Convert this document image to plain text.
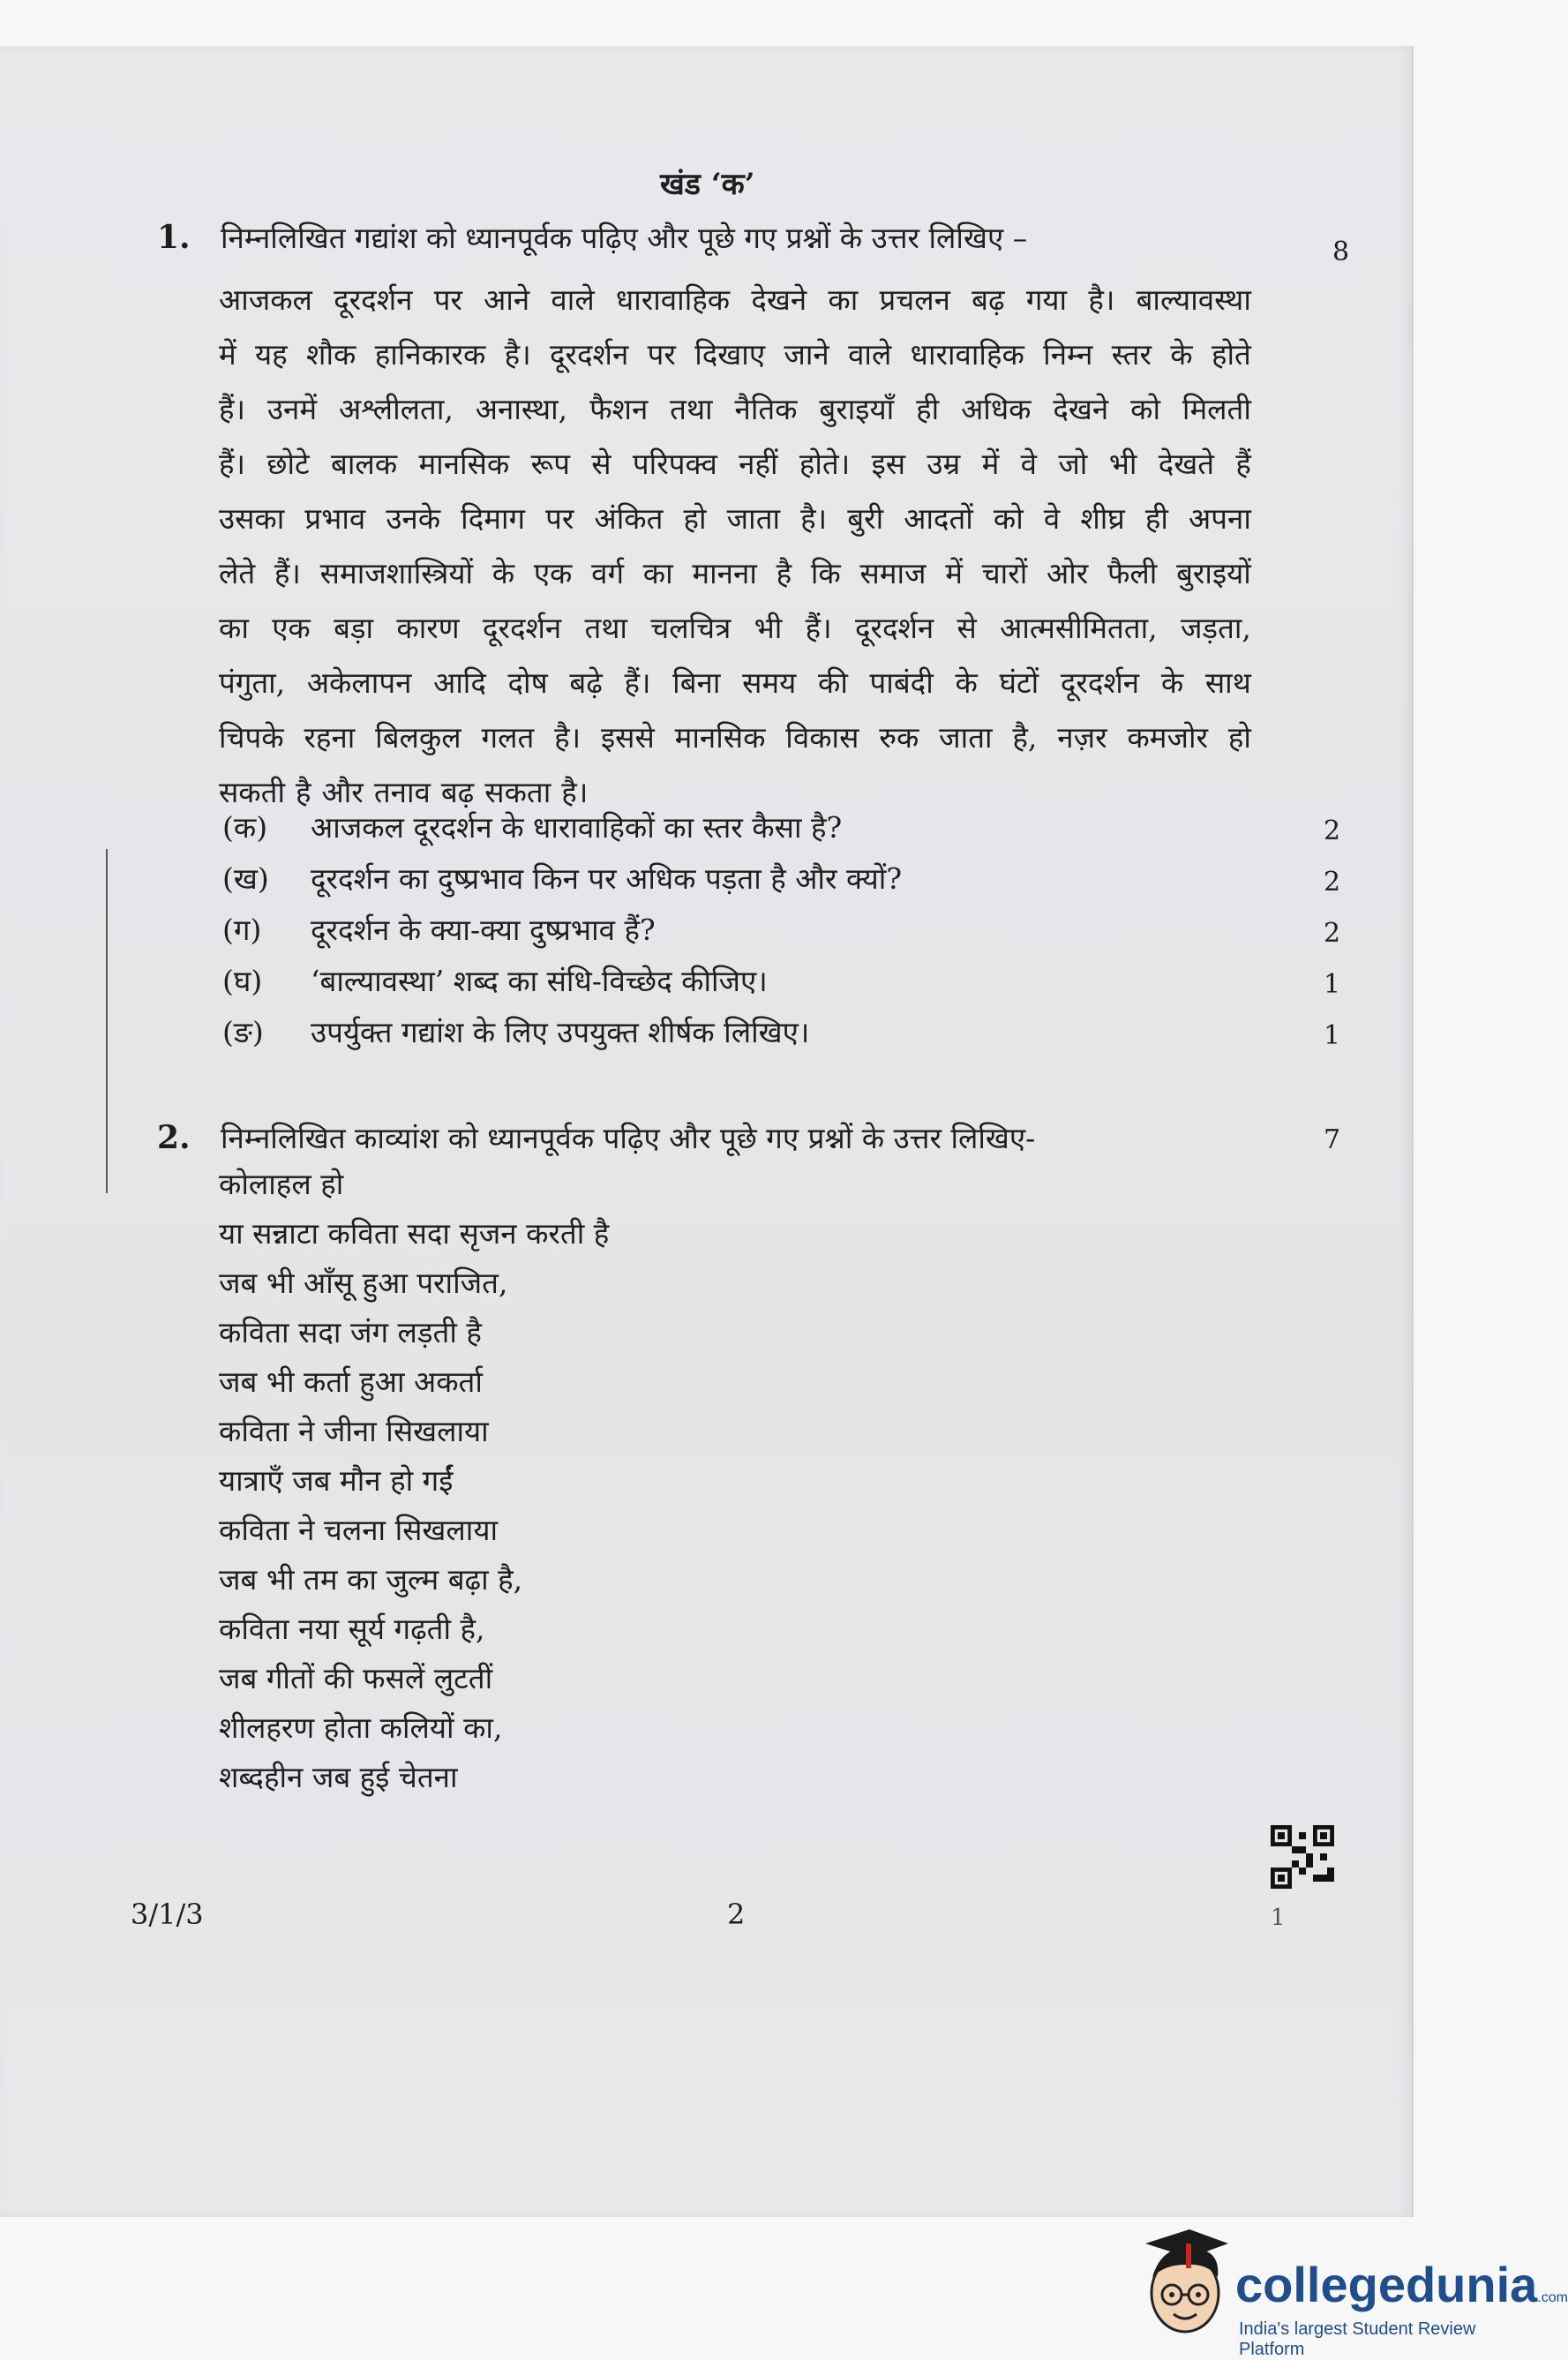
खंड ‘क’
1. निम्नलिखित गद्यांश को ध्यानपूर्वक पढ़िए और पूछे गए प्रश्नों के उत्तर लिखिए –	8
आजकल दूरदर्शन पर आने वाले धारावाहिक देखने का प्रचलन बढ़ गया है। बाल्यावस्था
में यह शौक हानिकारक है। दूरदर्शन पर दिखाए जाने वाले धारावाहिक निम्न स्तर के होते
हैं। उनमें अश्लीलता, अनास्था, फैशन तथा नैतिक बुराइयाँ ही अधिक देखने को मिलती
हैं। छोटे बालक मानसिक रूप से परिपक्व नहीं होते। इस उम्र में वे जो भी देखते हैं
उसका प्रभाव उनके दिमाग पर अंकित हो जाता है। बुरी आदतों को वे शीघ्र ही अपना
लेते हैं। समाजशास्त्रियों के एक वर्ग का मानना है कि समाज में चारों ओर फैली बुराइयों
का एक बड़ा कारण दूरदर्शन तथा चलचित्र भी हैं। दूरदर्शन से आत्मसीमितता, जड़ता,
पंगुता, अकेलापन आदि दोष बढ़े हैं। बिना समय की पाबंदी के घंटों दूरदर्शन के साथ
चिपके रहना बिलकुल गलत है। इससे मानसिक विकास रुक जाता है, नज़र कमजोर हो
सकती है और तनाव बढ़ सकता है।
(क) आजकल दूरदर्शन के धारावाहिकों का स्तर कैसा है?	2
(ख) दूरदर्शन का दुष्प्रभाव किन पर अधिक पड़ता है और क्यों?	2
(ग) दूरदर्शन के क्या-क्या दुष्प्रभाव हैं?	2
(घ) ‘बाल्यावस्था’ शब्द का संधि-विच्छेद कीजिए।	1
(ङ) उपर्युक्त गद्यांश के लिए उपयुक्त शीर्षक लिखिए।	1
2. निम्नलिखित काव्यांश को ध्यानपूर्वक पढ़िए और पूछे गए प्रश्नों के उत्तर लिखिए-	7
कोलाहल हो
या सन्नाटा कविता सदा सृजन करती है
जब भी आँसू हुआ पराजित,
कविता सदा जंग लड़ती है
जब भी कर्ता हुआ अकर्ता
कविता ने जीना सिखलाया
यात्राएँ जब मौन हो गईं
कविता ने चलना सिखलाया
जब भी तम का जुल्म बढ़ा है,
कविता नया सूर्य गढ़ती है,
जब गीतों की फसलें लुटतीं
शीलहरण होता कलियों का,
शब्दहीन जब हुई चेतना
3/1/3	2	1
collegedunia.com
India's largest Student Review Platform
